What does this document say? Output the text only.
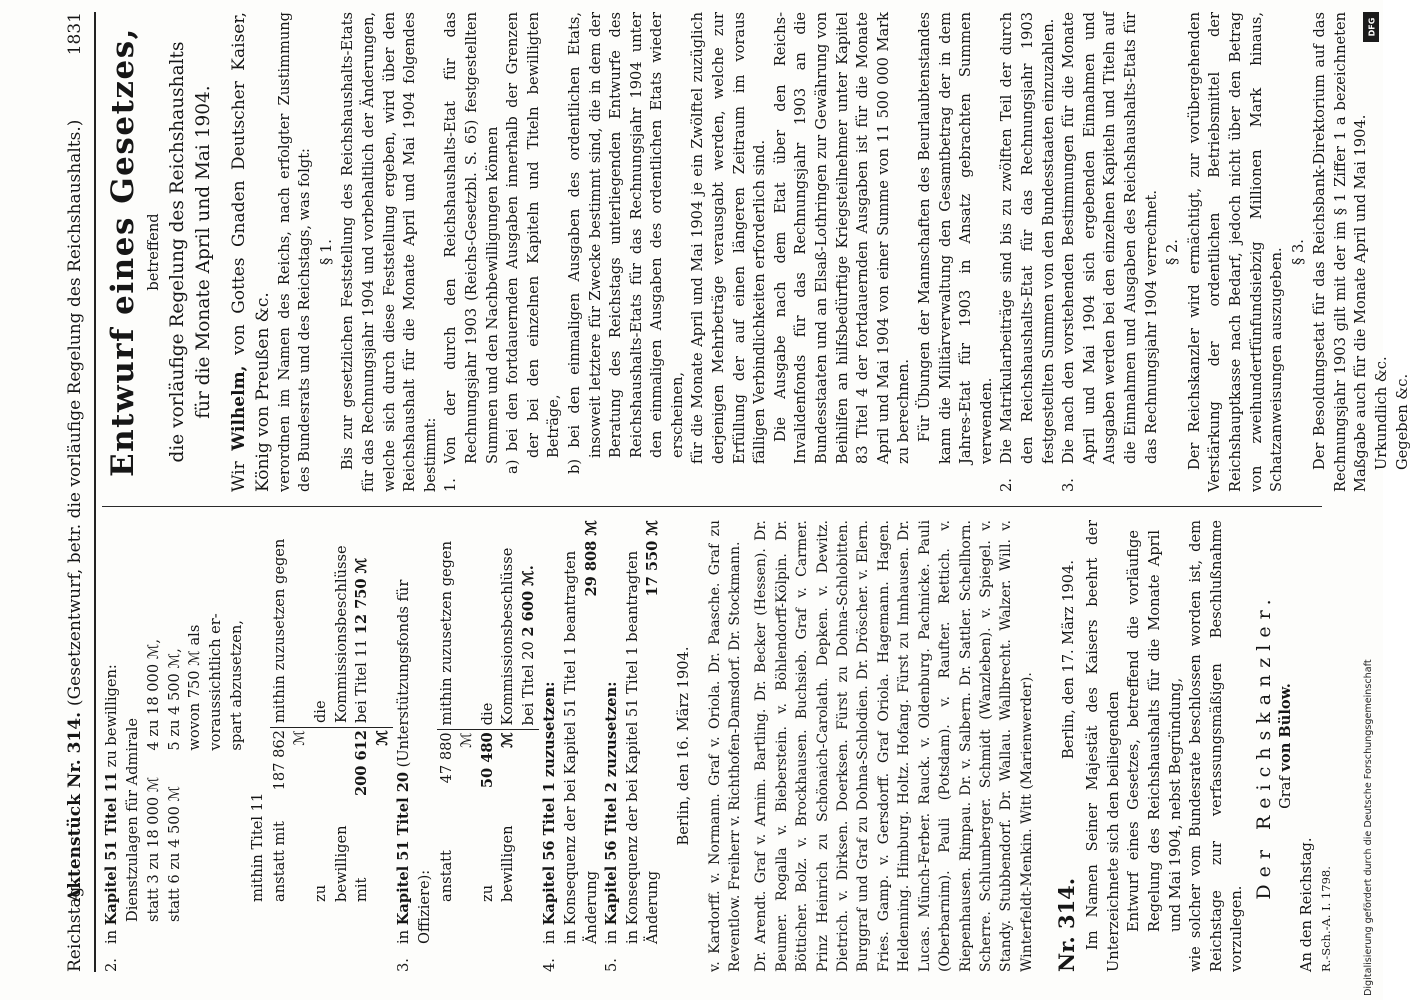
Reichstag.
Aktenstück Nr. 314. (Gesetzentwurf, betr. die vorläufige Regelung des Reichshaushalts.)
1831
2.
in Kapitel 51 Titel 11 zu bewilligen:

Dienstzulagen für Admirale statt 3 zu 18 000 ℳ	4 zu 18 000 ℳ,
statt 6 zu 4 500 ℳ	5 zu 4 500 ℳ,
	wovon 750 ℳ als
	voraussichtlich er-
	spart abzusetzen,

mithin Titel 11 anstatt mit	187 862 ℳ	mithin zuzusetzen gegen
zu bewilligen		die Kommissionsbeschlüsse
mit	200 612 ℳ	bei Titel 11 12 750 ℳ
3.
in Kapitel 51 Titel 20 (Unterstützungsfonds für Offiziere): anstatt	47 880 ℳ	mithin zuzusetzen gegen
zu bewilligen	50 480 ℳ	die Kommissionsbeschlüsse
		bei Titel 20 2 600 ℳ.
4.
in Kapitel 56 Titel 1 zuzusetzen: in Konsequenz der bei Kapitel 51 Titel 1 beantragten Änderung
29 808 ℳ
5.
in Kapitel 56 Titel 2 zuzusetzen: in Konsequenz der bei Kapitel 51 Titel 1 beantragten Änderung
17 550 ℳ

Berlin, den 16. März 1904. v. Kardorff. v. Normann. Graf v. Oriola. Dr. Paasche. Graf zu Reventlow. Freiherr v. Richthofen-Damsdorf. Dr. Stockmann. Dr. Arendt. Graf v. Arnim. Bartling. Dr. Becker (Hessen). Dr. Beumer. Rogalla v. Bieberstein. v. Böhlendorff-Kölpin. Dr. Bötticher. Bolz. v. Brockhausen. Buchsieb. Graf v. Carmer. Prinz Heinrich zu Schönaich-Carolath. Depken. v. Dewitz. Dietrich. v. Dirksen. Doerksen. Fürst zu Dohna-Schlobitten. Burggraf und Graf zu Dohna-Schlodien. Dr. Dröscher. v. Elern. Fries. Gamp. v. Gersdorff. Graf Oriola. Hagemann. Hagen. Heldenning. Himburg. Holtz. Hofang. Fürst zu Innhausen. Dr. Lucas. Münch-Ferber. Rauck. v. Oldenburg. Pachnicke. Pauli (Oberbarnim). Pauli (Potsdam). v. Raufter. Rettich. v. Riepenhausen. Rimpau. Dr. v. Salbern. Dr. Sattler. Schellhorn. Scherre. Schlumberger. Schmidt (Wanzleben). v. Spiegel. v. Standy. Stubbendorf. Dr. Wallau. Wallbrecht. Walzer. Will. v. Winterfeldt-Menkin. Witt (Marienwerder). Nr. 314.
Berlin, den 17. März 1904. Im Namen Seiner Majestät des Kaisers beehrt der Unterzeichnete sich den beiliegenden Entwurf eines Gesetzes, betreffend die vorläufige Regelung des Reichshaushalts für die Monate April und Mai 1904, nebst Begründung, wie solcher vom Bundesrate beschlossen worden ist, dem Reichstage zur verfassungsmäßigen Beschlußnahme vorzulegen.

Der Reichskanzler. Graf von Bülow.

An den Reichstag. R.-Sch.-A. I. 1798.

Entwurf eines Gesetzes, betreffend die vorläufige Regelung des Reichshaushalts für die Monate April und Mai 1904.

Wir Wilhelm, von Gottes Gnaden Deutscher Kaiser, König von Preußen &c. verordnen im Namen des Reichs, nach erfolgter Zustimmung des Bundesrats und des Reichstags, was folgt: § 1. Bis zur gesetzlichen Feststellung des Reichshaushalts-Etats für das Rechnungsjahr 1904 und vorbehaltlich der Änderungen, welche sich durch diese Feststellung ergeben, wird über den Reichshaushalt für die Monate April und Mai 1904 folgendes bestimmt: 1.
Von der durch den Reichshaushalts-Etat für das Rechnungsjahr 1903 (Reichs-Gesetzbl. S. 65) festgestellten Summen und den Nachbewilligungen können a) bei den fortdauernden Ausgaben innerhalb der Grenzen der bei den einzelnen Kapiteln und Titeln bewilligten Beträge, b) bei den einmaligen Ausgaben des ordentlichen Etats, insoweit letztere für Zwecke bestimmt sind, die in dem der Beratung des Reichstags unterliegenden Entwurfe des Reichshaushalts-Etats für das Rechnungsjahr 1904 unter den einmaligen Ausgaben des ordentlichen Etats wieder erscheinen, für die Monate April und Mai 1904 je ein Zwölftel zuzüglich derjenigen Mehrbeträge verausgabt werden, welche zur Erfüllung der auf einen längeren Zeitraum im voraus fälligen Verbindlichkeiten erforderlich sind. Die Ausgabe nach dem Etat über den Reichs-Invalidenfonds für das Rechnungsjahr 1903 an die Bundesstaaten und an Elsaß-Lothringen zur Gewährung von Beihilfen an hilfsbedürftige Kriegsteilnehmer unter Kapitel 83 Titel 4 der fortdauernden Ausgaben ist für die Monate April und Mai 1904 von einer Summe von 11 500 000 Mark zu berechnen. Für Übungen der Mannschaften des Beurlaubtenstandes kann die Militärverwaltung den Gesamtbetrag der in dem Jahres-Etat für 1903 in Ansatz gebrachten Summen verwenden.

2.
Die Matrikularbeiträge sind bis zu zwölften Teil der durch den Reichshaushalts-Etat für das Rechnungsjahr 1903 festgestellten Summen von den Bundesstaaten einzuzahlen.
3.
Die nach den vorstehenden Bestimmungen für die Monate April und Mai 1904 sich ergebenden Einnahmen und Ausgaben werden bei den einzelnen Kapiteln und Titeln auf die Einnahmen und Ausgaben des Reichshaushalts-Etats für das Rechnungsjahr 1904 verrechnet. § 2. Der Reichskanzler wird ermächtigt, zur vorübergehenden Verstärkung der ordentlichen Betriebsmittel der Reichshauptkasse nach Bedarf, jedoch nicht über den Betrag von zweihundertfünfundsiebzig Millionen Mark hinaus, Schatzanweisungen auszugeben. § 3. Der Besoldungsetat für das Reichsbank-Direktorium auf das Rechnungsjahr 1903 gilt mit der im § 1 Ziffer 1 a bezeichneten Maßgabe auch für die Monate April und Mai 1904. Urkundlich &c. Gegeben &c.

DFG
Digitalisierung gefördert durch die Deutsche Forschungsgemeinschaft
